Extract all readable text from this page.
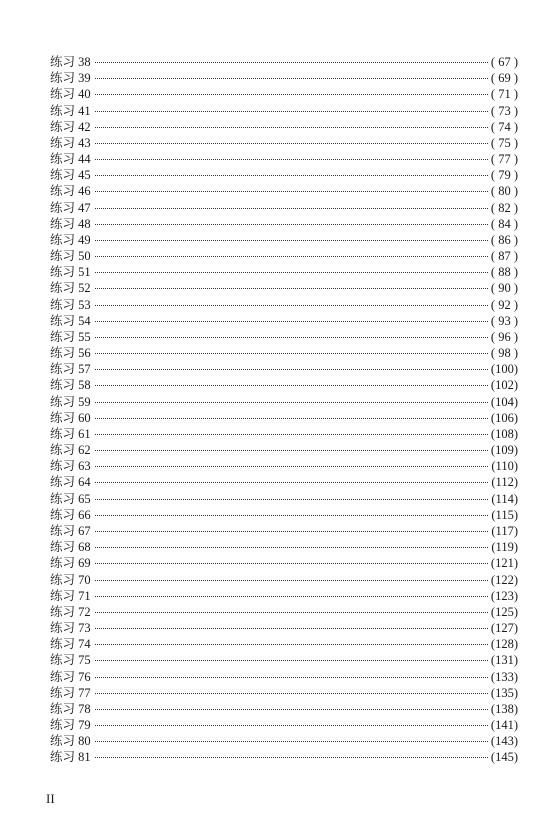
练习 38	( 67 )
练习 39	( 69 )
练习 40	( 71 )
练习 41	( 73 )
练习 42	( 74 )
练习 43	( 75 )
练习 44	( 77 )
练习 45	( 79 )
练习 46	( 80 )
练习 47	( 82 )
练习 48	( 84 )
练习 49	( 86 )
练习 50	( 87 )
练习 51	( 88 )
练习 52	( 90 )
练习 53	( 92 )
练习 54	( 93 )
练习 55	( 96 )
练习 56	( 98 )
练习 57	(100)
练习 58	(102)
练习 59	(104)
练习 60	(106)
练习 61	(108)
练习 62	(109)
练习 63	(110)
练习 64	(112)
练习 65	(114)
练习 66	(115)
练习 67	(117)
练习 68	(119)
练习 69	(121)
练习 70	(122)
练习 71	(123)
练习 72	(125)
练习 73	(127)
练习 74	(128)
练习 75	(131)
练习 76	(133)
练习 77	(135)
练习 78	(138)
练习 79	(141)
练习 80	(143)
练习 81	(145)
II
